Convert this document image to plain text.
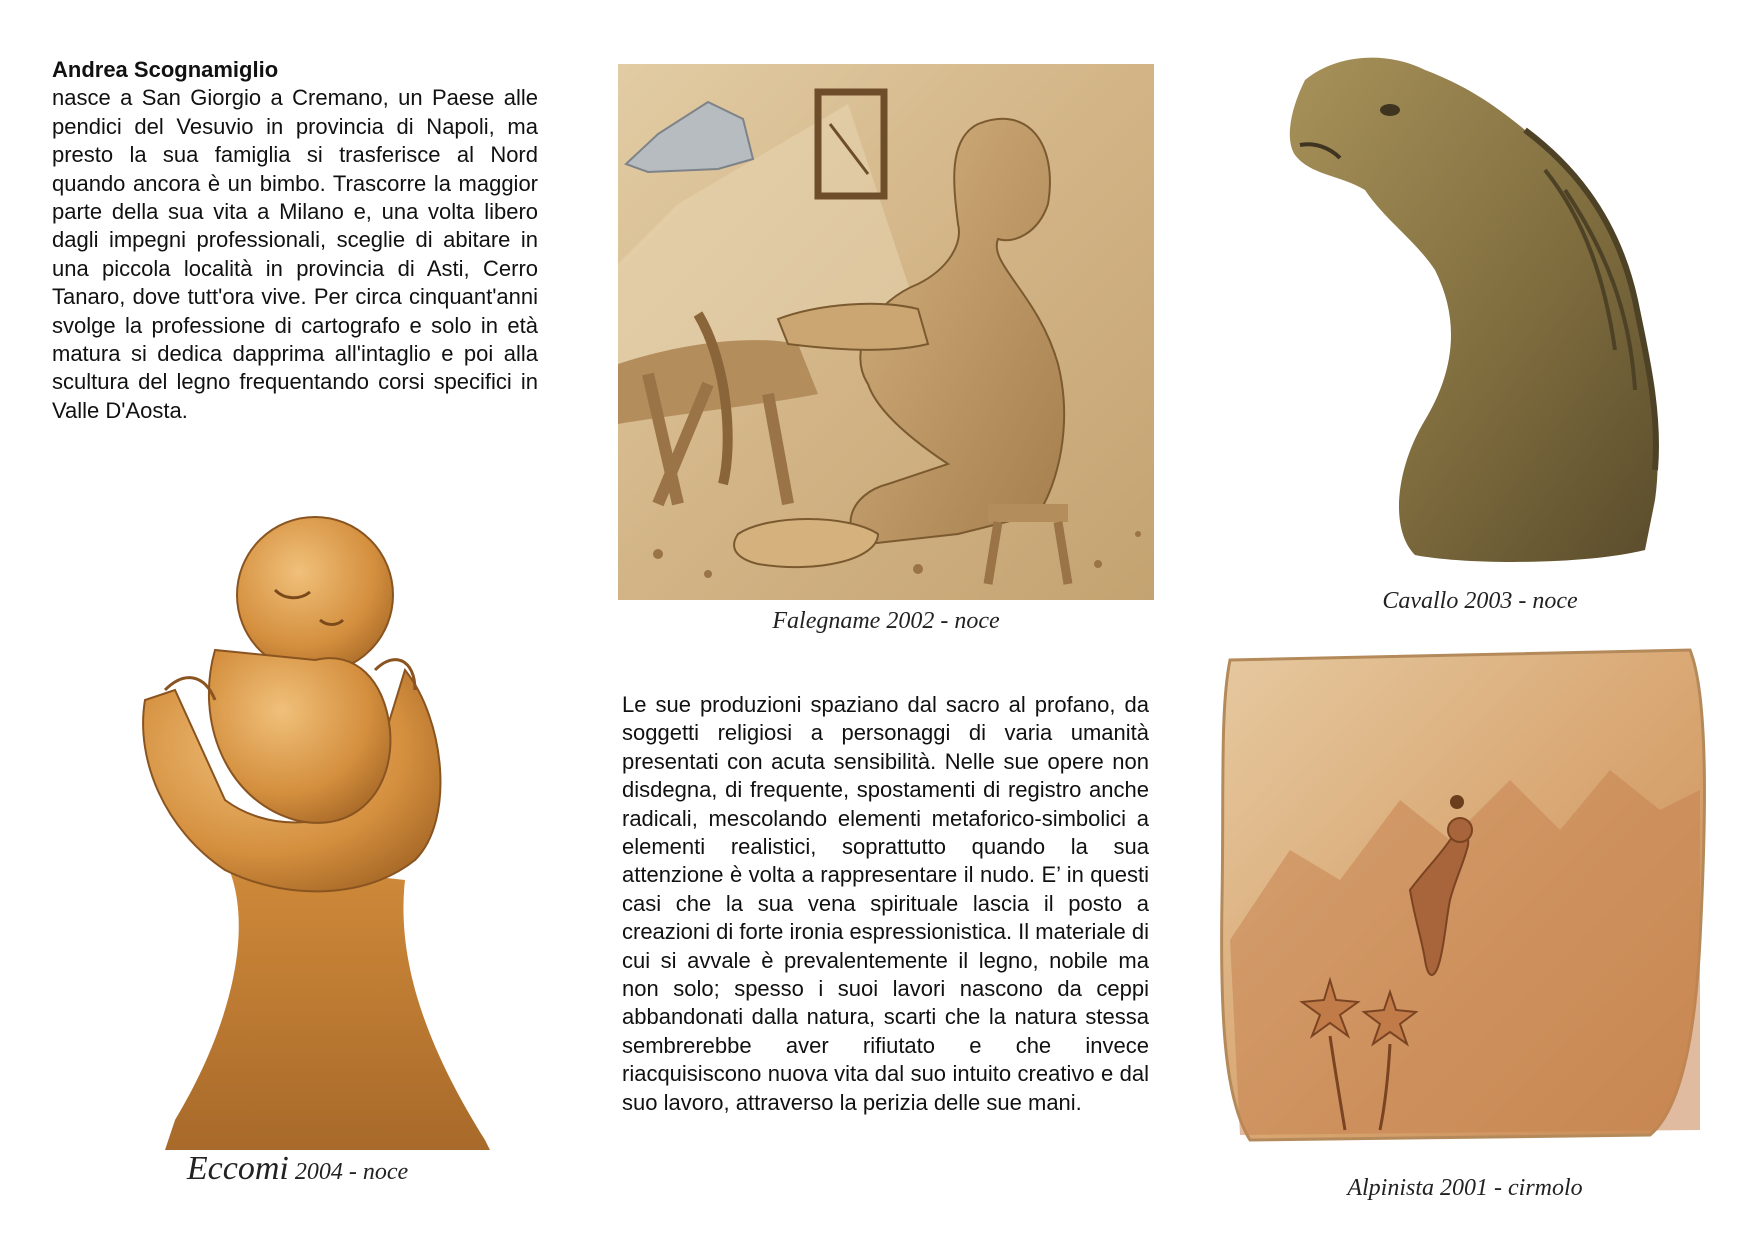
Andrea Scognamiglio
nasce a San Giorgio a Cremano, un Paese alle pendici del Vesuvio in provincia di Napoli, ma presto la sua famiglia si trasferisce al Nord quando ancora è un bimbo. Trascorre la maggior parte della sua vita a Milano e, una volta libero dagli impegni professionali, sceglie di abitare in una piccola località in provincia di Asti, Cerro Tanaro, dove tutt'ora vive. Per circa cinquant'anni svolge la professione di cartografo e solo in età matura si dedica dapprima all'intaglio e poi alla scultura del legno frequentando corsi specifici in Valle D'Aosta.
Falegname 2002 - noce
Cavallo 2003 - noce
Eccomi 2004 - noce
Le sue produzioni spaziano dal sacro al profano, da soggetti religiosi a personaggi di varia umanità presentati con acuta sensibilità. Nelle sue opere non disdegna, di frequente, spostamenti di registro anche radicali, mescolando elementi metaforico-simbolici a elementi realistici, soprattutto quando la sua attenzione è volta a rappresentare il nudo. E’ in questi casi che la sua vena spirituale lascia il posto a creazioni di forte ironia espressionistica. Il materiale di cui si avvale è prevalentemente il legno, nobile ma non solo; spesso i suoi lavori nascono da ceppi abbandonati dalla natura, scarti che la natura stessa sembrerebbe aver rifiutato e che invece riacquisiscono nuova vita dal suo intuito creativo e dal suo lavoro, attraverso la perizia delle sue mani.
Alpinista 2001 - cirmolo
